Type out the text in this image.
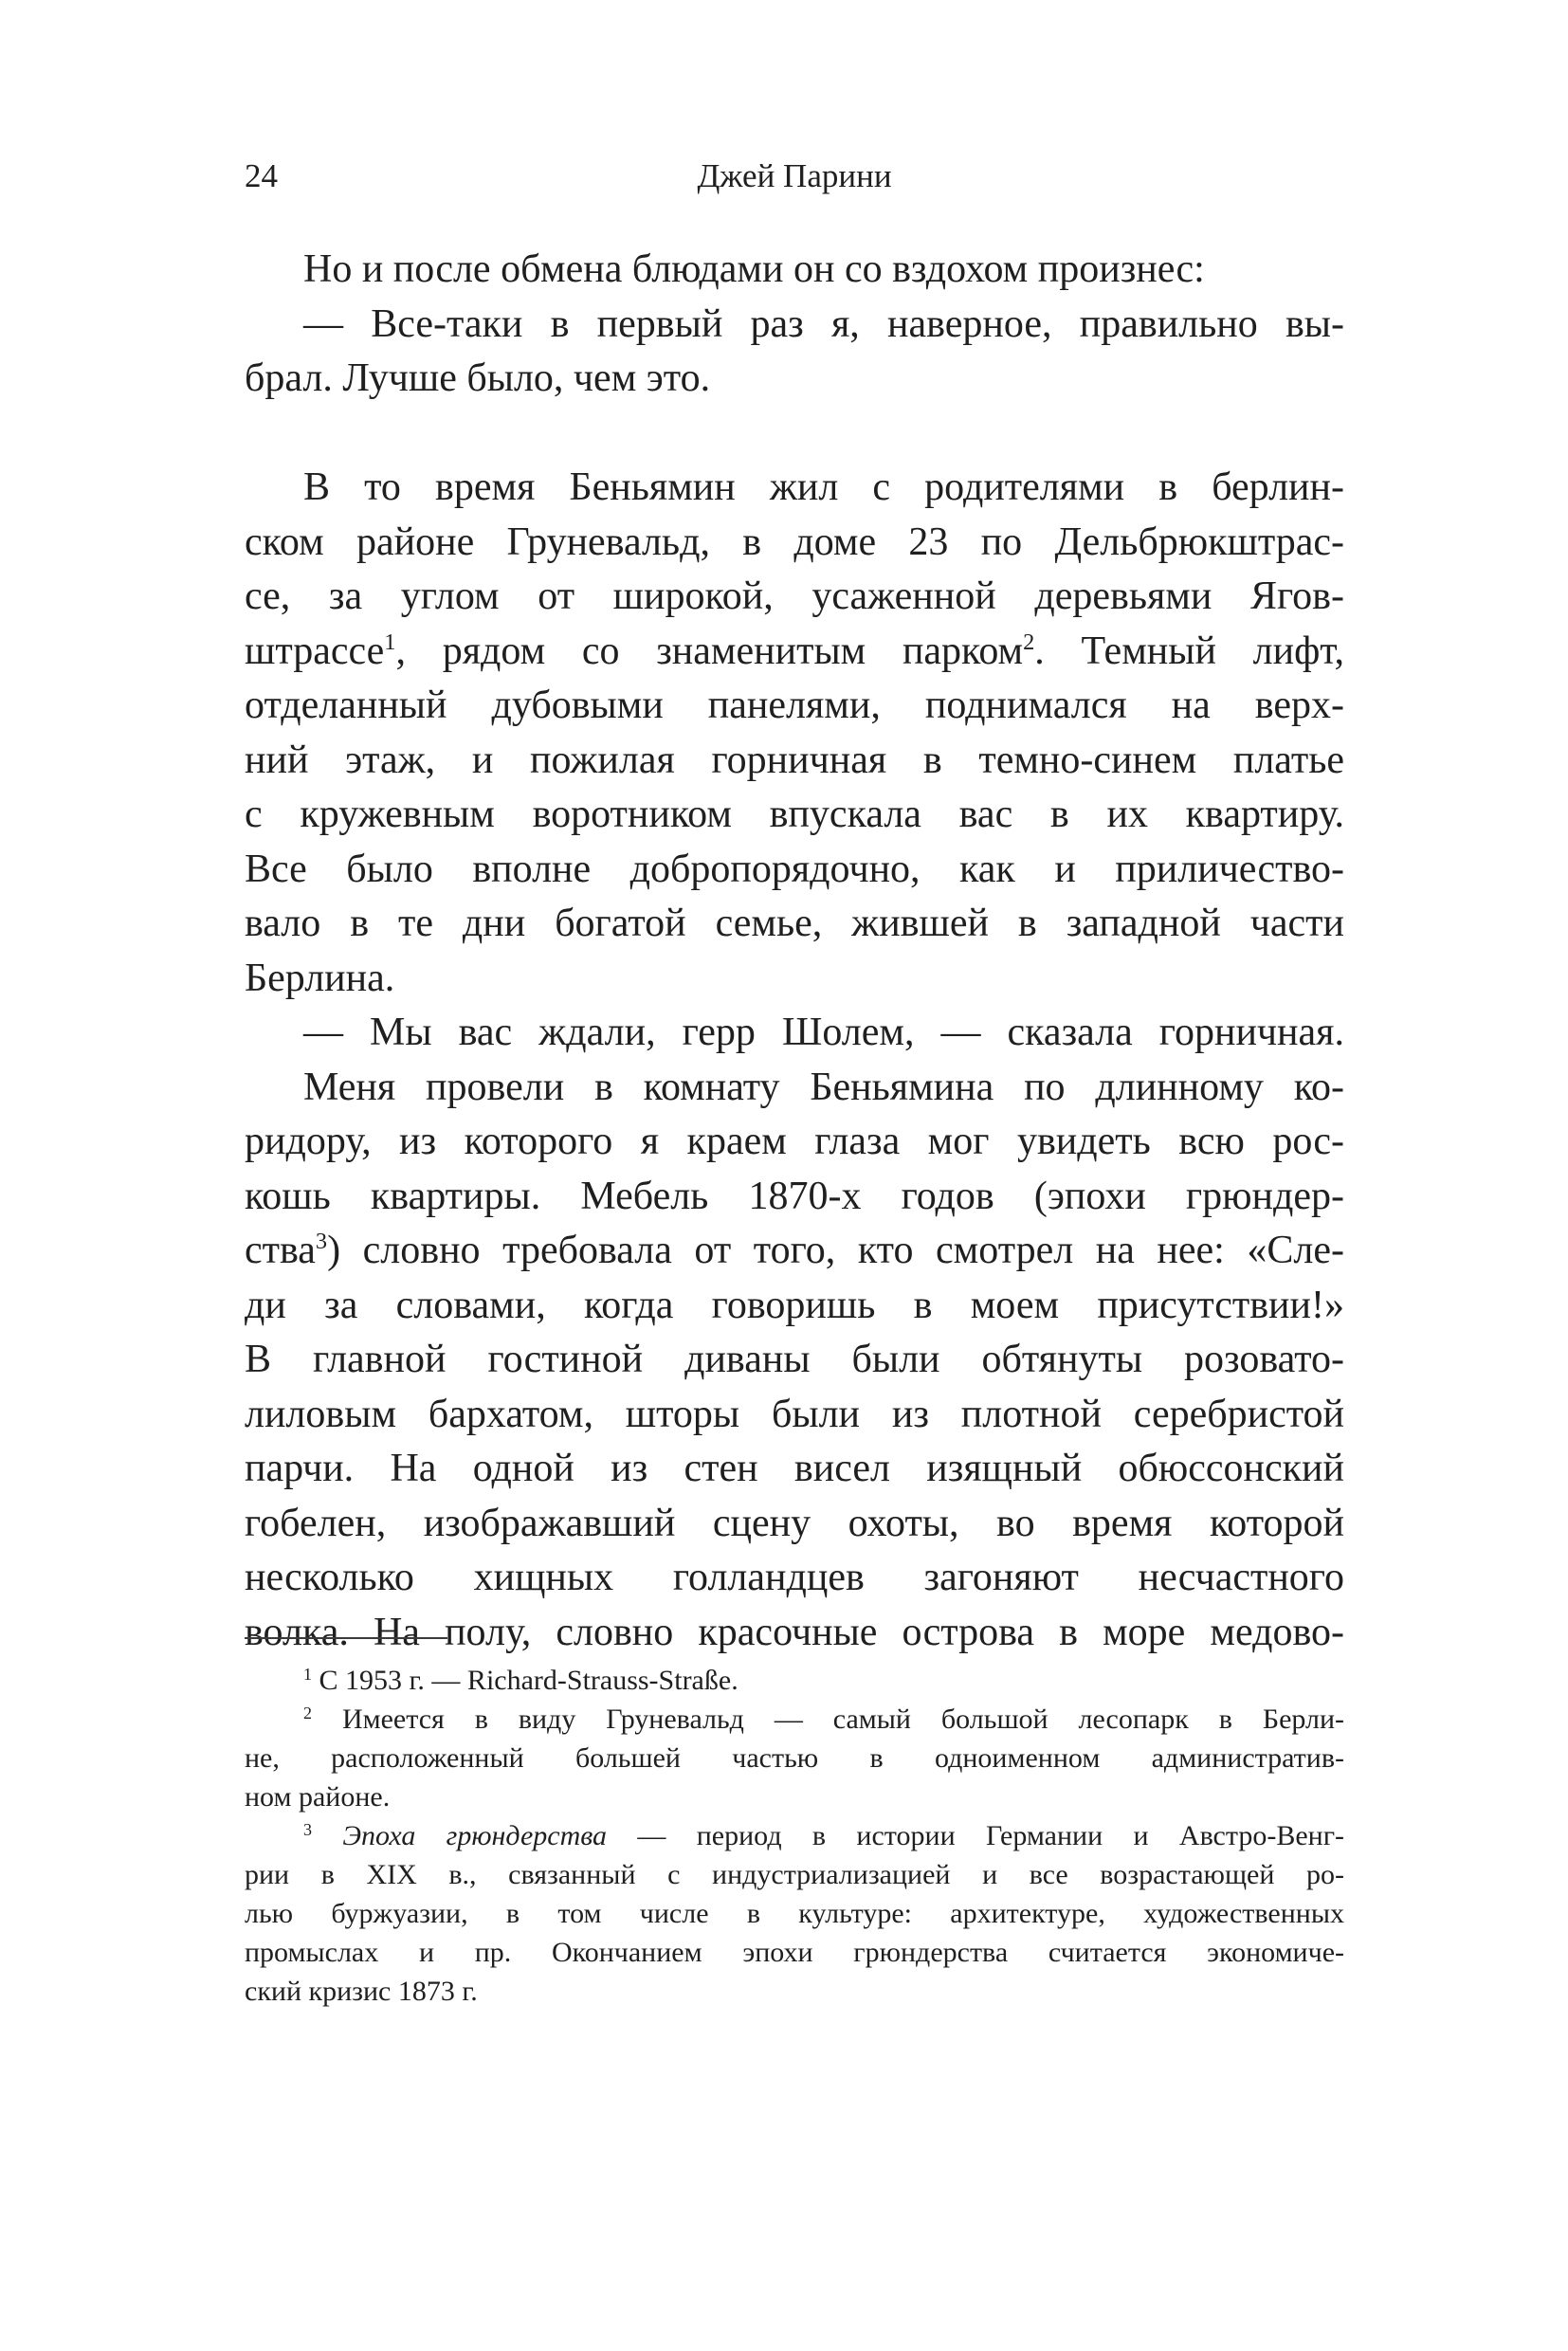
24	Джей Парини
Но и после обмена блюдами он со вздохом произнес:
— Все-таки в первый раз я, наверное, правильно вы-
брал. Лучше было, чем это.
В то время Беньямин жил с родителями в берлин-
ском районе Груневальд, в доме 23 по Дельбрюкштрас-
се, за углом от широкой, усаженной деревьями Ягов-
штрассе$^1$, рядом со знаменитым парком$^2$. Темный лифт,
отделанный дубовыми панелями, поднимался на верх-
ний этаж, и пожилая горничная в темно-синем платье
с кружевным воротником впускала вас в их квартиру.
Все было вполне добропорядочно, как и приличество-
вало в те дни богатой семье, жившей в западной части
Берлина.
— Мы вас ждали, герр Шолем, — сказала горничная.
Меня провели в комнату Беньямина по длинному ко-
ридору, из которого я краем глаза мог увидеть всю рос-
кошь квартиры. Мебель 1870-х годов (эпохи грюндер-
ства$^3$) словно требовала от того, кто смотрел на нее: «Сле-
ди за словами, когда говоришь в моем присутствии!»
В главной гостиной диваны были обтянуты розовато-
лиловым бархатом, шторы были из плотной серебристой
парчи. На одной из стен висел изящный обюссонский
гобелен, изображавший сцену охоты, во время которой
несколько хищных голландцев загоняют несчастного
волка. На полу, словно красочные острова в море медово-
$^1$ С 1953 г. — Richard-Strauss-Straße.
$^2$ Имеется в виду Груневальд — самый большой лесопарк в Берли-
не, расположенный большей частью в одноименном административ-
ном районе.
$^3$ Эпоха грюндерства — период в истории Германии и Австро-Венг-
рии в XIX в., связанный с индустриализацией и все возрастающей ро-
лью буржуазии, в том числе в культуре: архитектуре, художественных
промыслах и пр. Окончанием эпохи грюндерства считается экономиче-
ский кризис 1873 г.
